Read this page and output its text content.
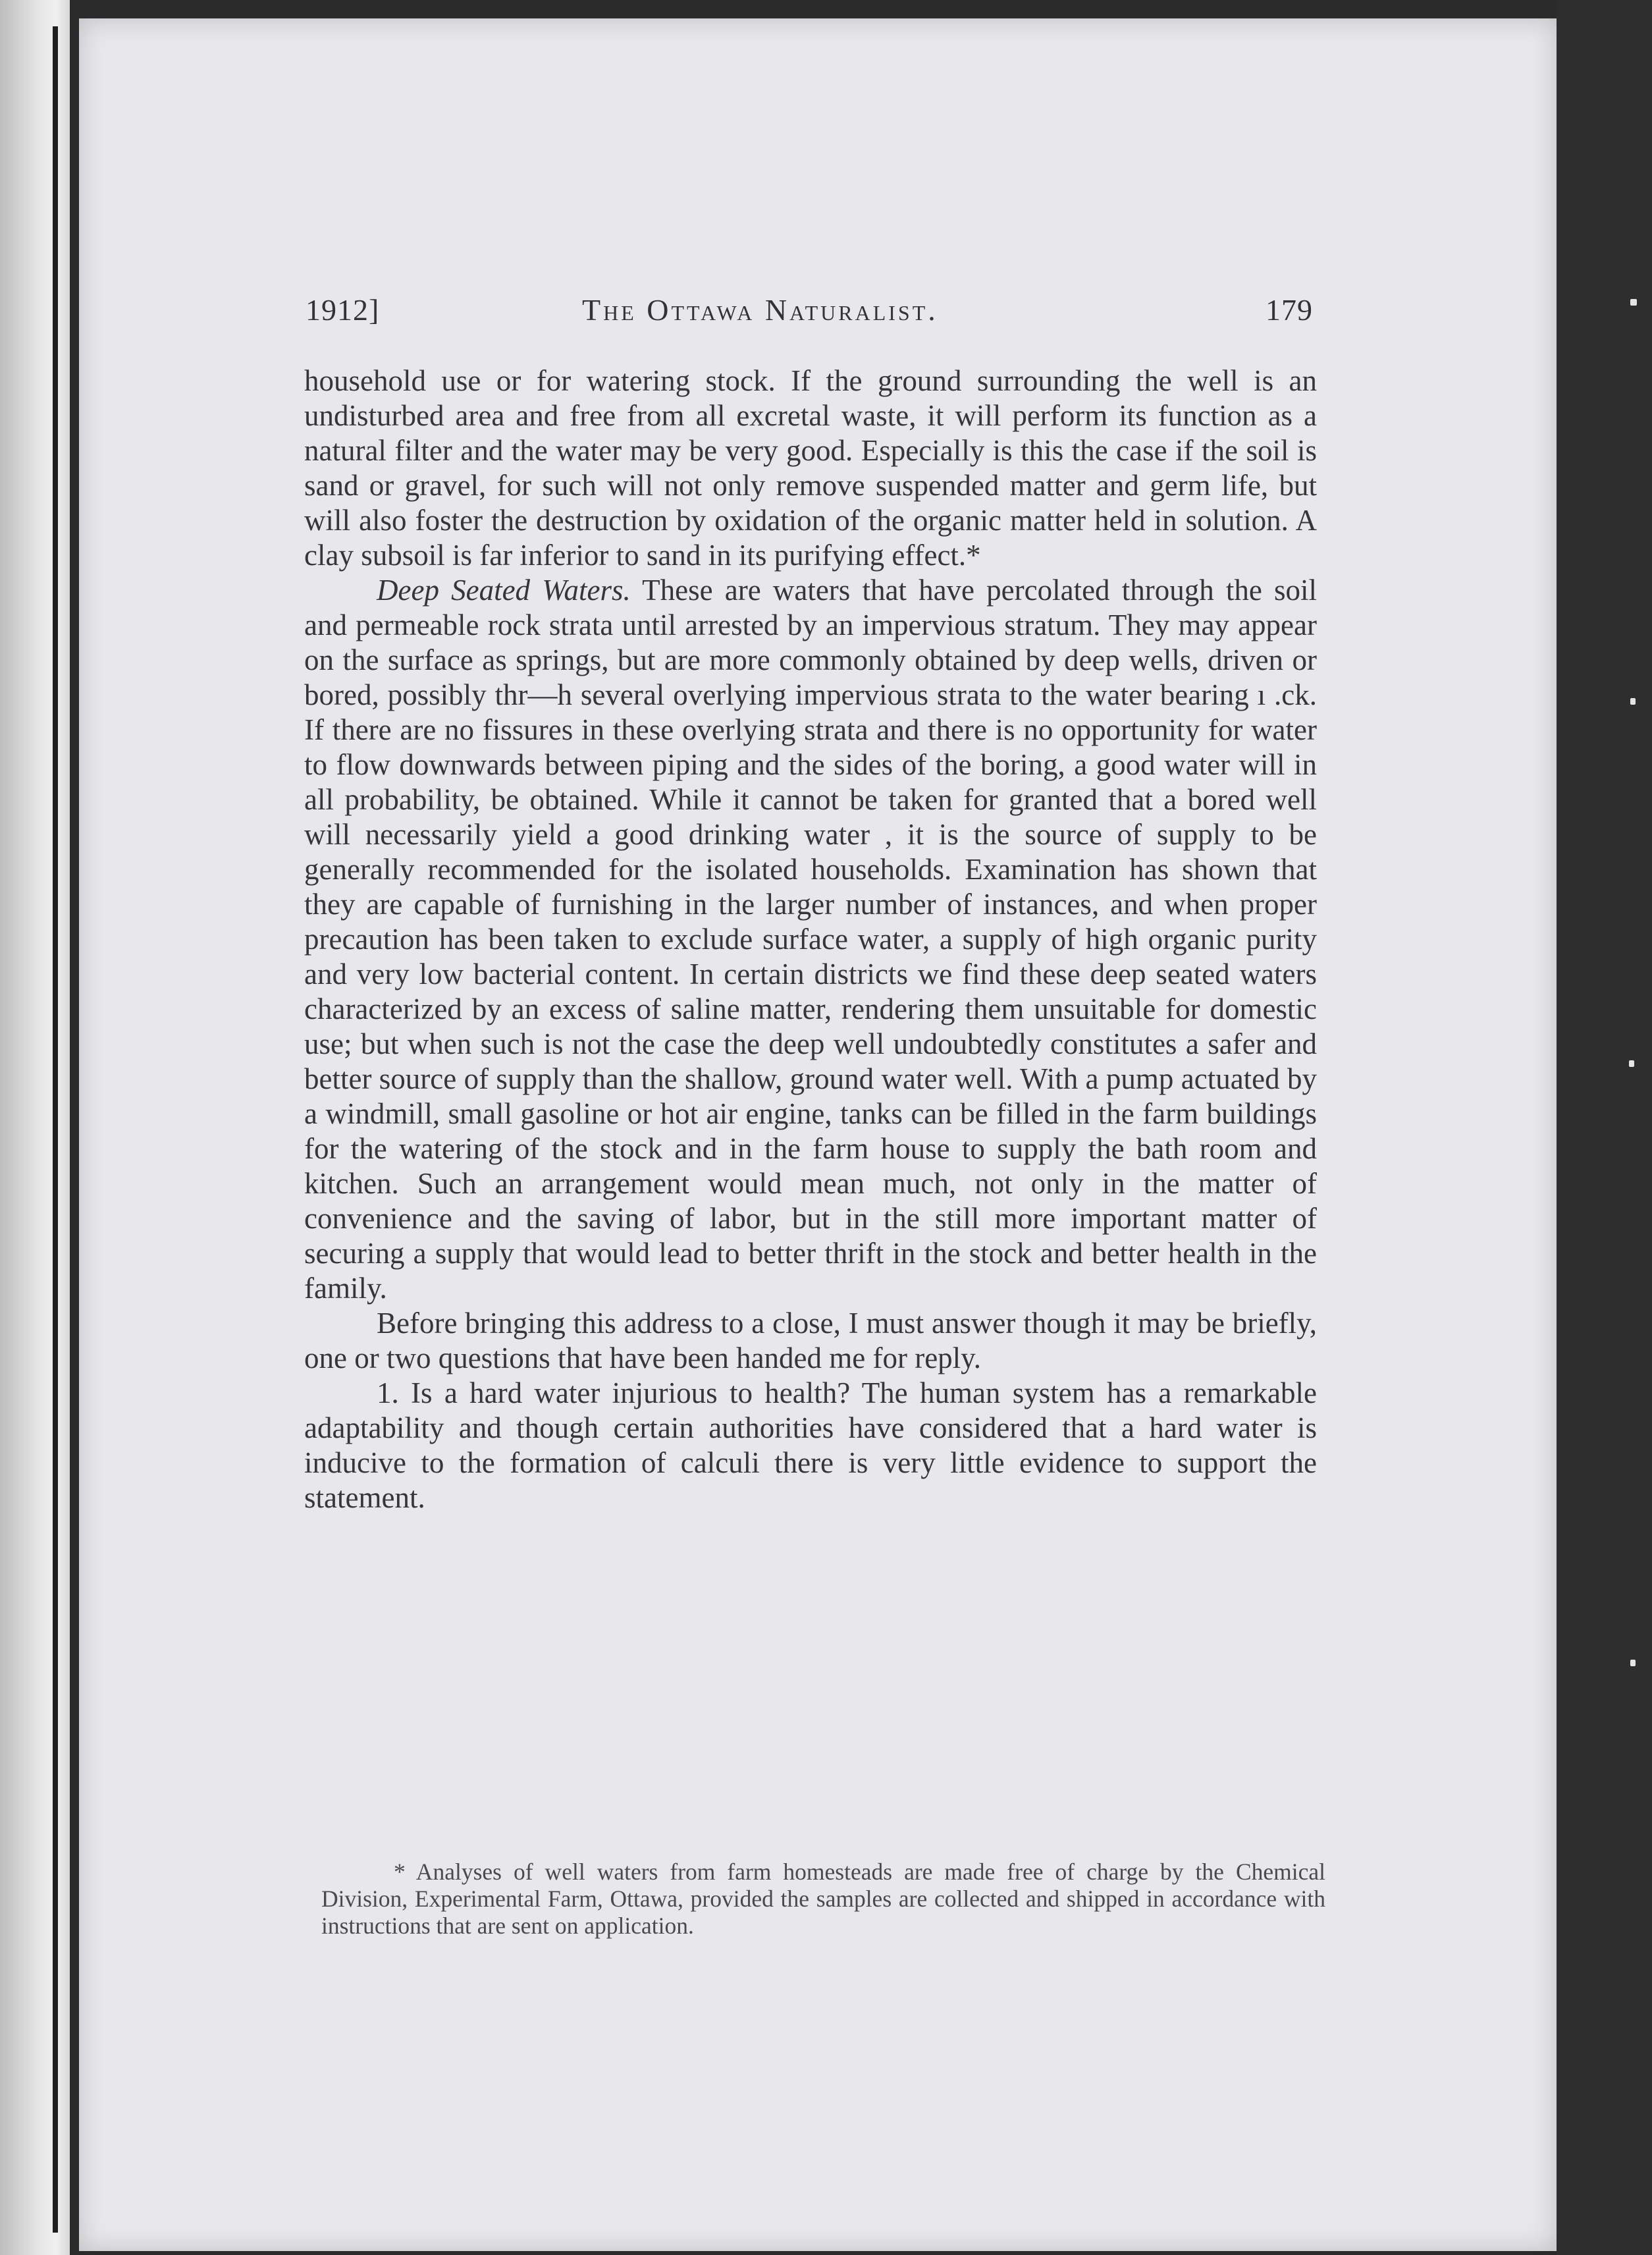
1912]	The Ottawa Naturalist.	179

household use or for watering stock. If the ground surrounding the well is an undisturbed area and free from all excretal waste, it will perform its function as a natural filter and the water may be very good. Especially is this the case if the soil is sand or gravel, for such will not only remove suspended matter and germ life, but will also foster the destruction by oxidation of the organic matter held in solution. A clay subsoil is far inferior to sand in its purifying effect.*

Deep Seated Waters. These are waters that have percolated through the soil and permeable rock strata until arrested by an impervious stratum. They may appear on the surface as springs, but are more commonly obtained by deep wells, driven or bored, possibly thr—h several overlying impervious strata to the water bearing ı .ck. If there are no fissures in these overlying strata and there is no opportunity for water to flow downwards between piping and the sides of the boring, a good water will in all probability, be obtained. While it cannot be taken for granted that a bored well will necessarily yield a good drinking water , it is the source of supply to be generally recommended for the isolated households. Examination has shown that they are capable of furnishing in the larger number of instances, and when proper precaution has been taken to exclude surface water, a supply of high organic purity and very low bacterial content. In certain districts we find these deep seated waters characterized by an excess of saline matter, rendering them unsuitable for domestic use; but when such is not the case the deep well undoubtedly constitutes a safer and better source of supply than the shallow, ground water well. With a pump actuated by a windmill, small gasoline or hot air engine, tanks can be filled in the farm buildings for the watering of the stock and in the farm house to supply the bath room and kitchen. Such an arrangement would mean much, not only in the matter of convenience and the saving of labor, but in the still more important matter of securing a supply that would lead to better thrift in the stock and better health in the family.

Before bringing this address to a close, I must answer though it may be briefly, one or two questions that have been handed me for reply.

1. Is a hard water injurious to health? The human system has a remarkable adaptability and though certain authorities have considered that a hard water is inducive to the formation of calculi there is very little evidence to support the statement.

* Analyses of well waters from farm homesteads are made free of charge by the Chemical Division, Experimental Farm, Ottawa, provided the samples are collected and shipped in accordance with instructions that are sent on application.
